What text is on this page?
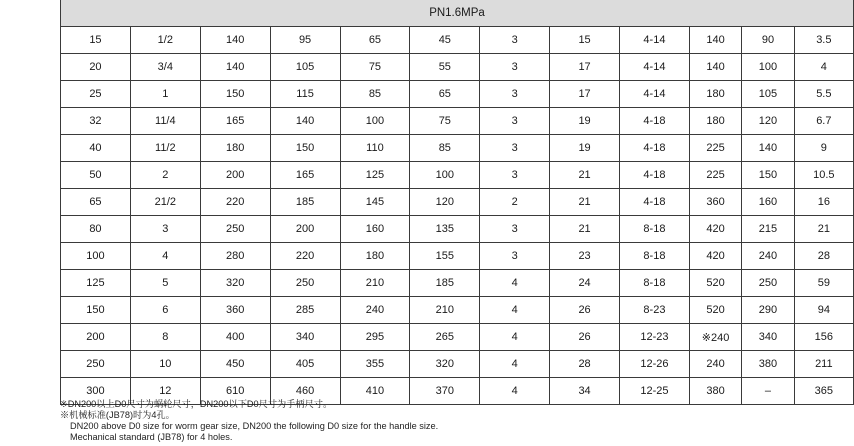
PN1.6MPa											
15	1/2	140	95	65	45	3	15	4-14	140	90	3.5
20	3/4	140	105	75	55	3	17	4-14	140	100	4
25	1	150	115	85	65	3	17	4-14	180	105	5.5
32	11/4	165	140	100	75	3	19	4-18	180	120	6.7
40	11/2	180	150	110	85	3	19	4-18	225	140	9
50	2	200	165	125	100	3	21	4-18	225	150	10.5
65	21/2	220	185	145	120	2	21	4-18	360	160	16
80	3	250	200	160	135	3	21	8-18	420	215	21
100	4	280	220	180	155	3	23	8-18	420	240	28
125	5	320	250	210	185	4	24	8-18	520	250	59
150	6	360	285	240	210	4	26	8-23	520	290	94
200	8	400	340	295	265	4	26	12-23	※240	340	156
250	10	450	405	355	320	4	28	12-26	240	380	211
300	12	610	460	410	370	4	34	12-25	380	–	365
※DN200以上D0尺寸为蜗轮尺寸，DN200以下D0尺寸为手柄尺寸。
※机械标准(JB78)时为4孔。
DN200 above D0 size for worm gear size, DN200 the following D0 size for the handle size.
Mechanical standard (JB78) for 4 holes.
